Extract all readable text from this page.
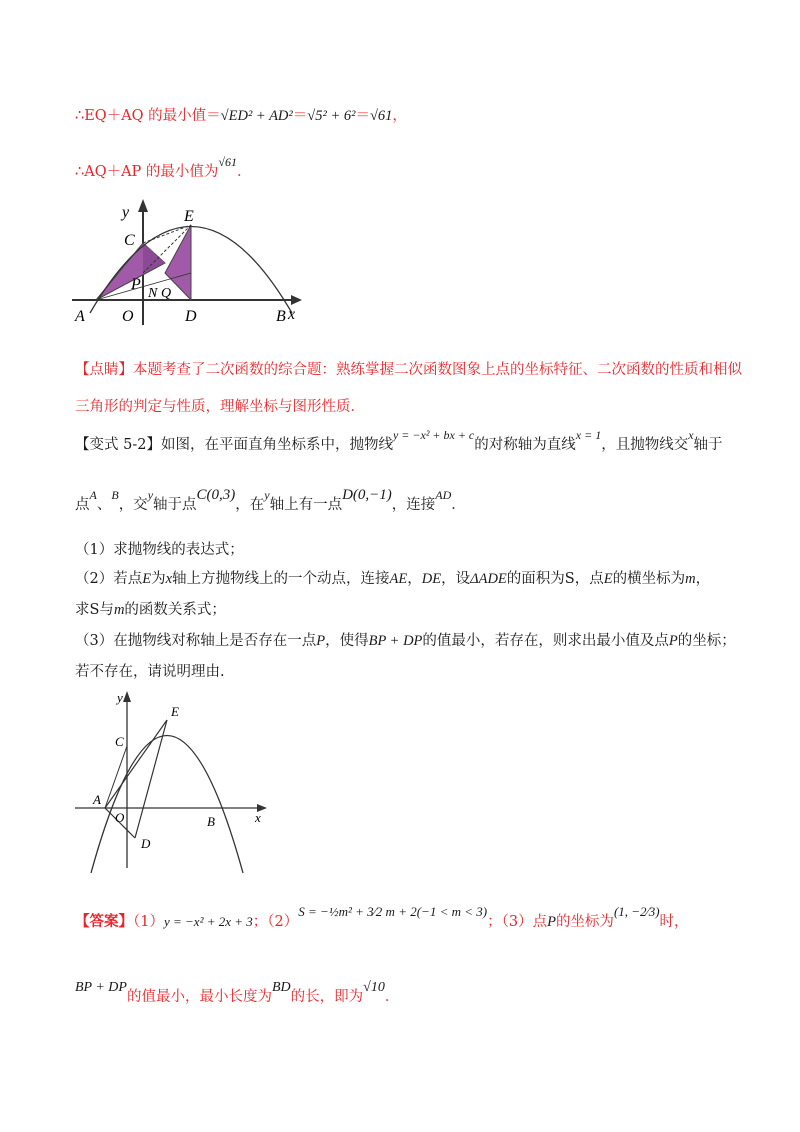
∴EQ＋AQ 的最小值＝√ED² + AD²＝√5² + 6²＝√61，
∴AQ＋AP 的最小值为$^{√61}$．
y
x
A O	D	B
C
E
P
N Q
【点睛】本题考查了二次函数的综合题：熟练掌握二次函数图象上点的坐标特征、二次函数的性质和相似
三角形的判定与性质，理解坐标与图形性质．
【变式 5-2】如图，在平面直角坐标系中，抛物线$^{y = -x^2 + bx + c}$的对称轴为直线$^{x = 1}$，且抛物线交$^x$轴于
点$^A$、$^B$，交$^y$轴于点C(0,3)，在$^y$轴上有一点D(0,−1)，连接$^{AD}$．
（1）求抛物线的表达式；
（2）若点E为x轴上方抛物线上的一个动点，连接AE，DE，设ΔADE的面积为S，点E的横坐标为m，
求S与m的函数关系式；
（3）在抛物线对称轴上是否存在一点P，使得BP + DP的值最小，若存在，则求出最小值及点P的坐标；
若不存在，请说明理由.
y
x
A
O	B
C
D
E
【答案】（1）y = −x² + 2x + 3；（2）S = −½m² + 3⁄2 m + 2(−1 < m < 3)；（3）点P的坐标为(1, −2⁄3)时，
BP + DP的值最小，最小长度为BD的长，即为√10．
